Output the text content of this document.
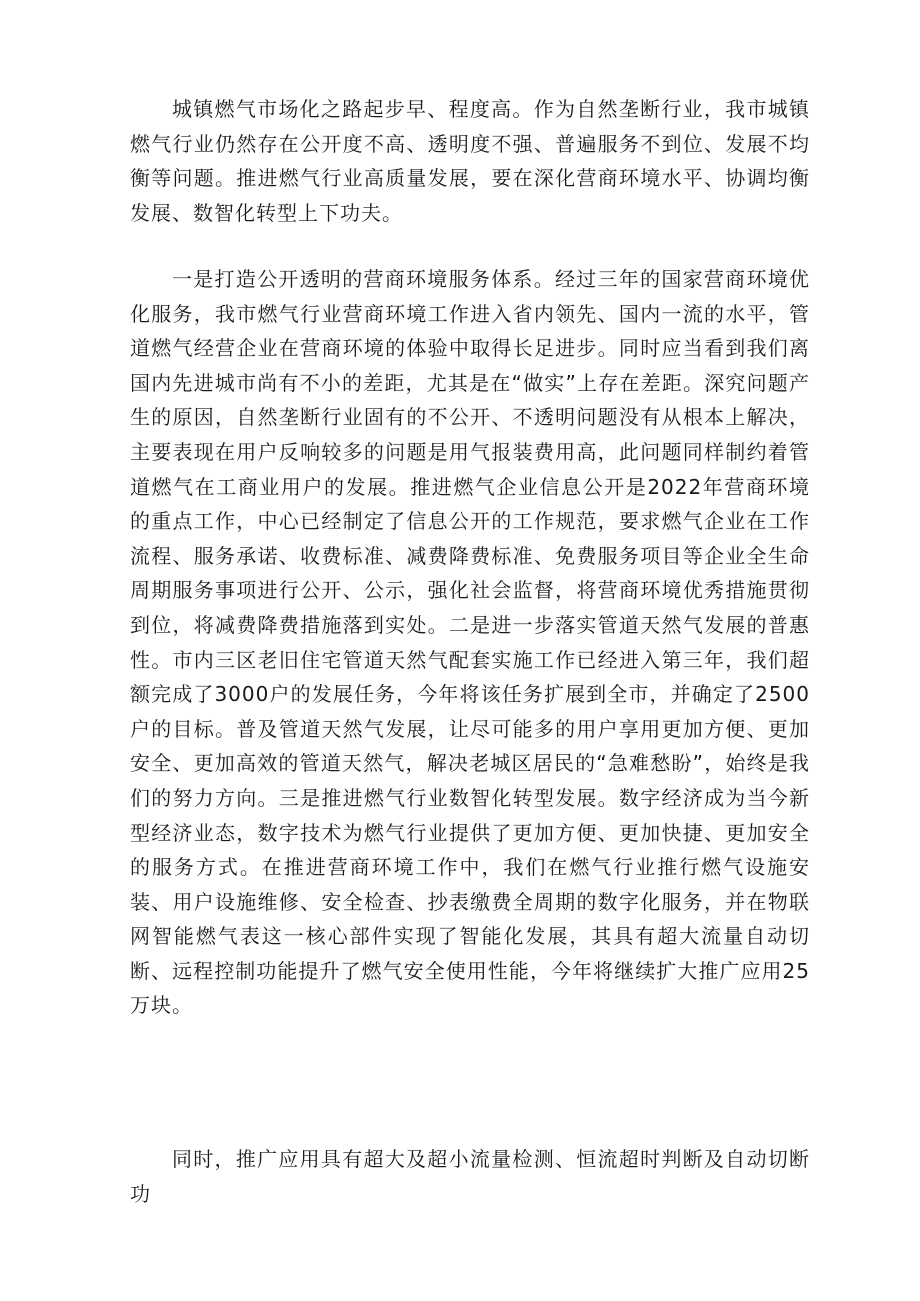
城镇燃气市场化之路起步早、程度高。作为自然垄断行业，我市城镇燃气行业仍然存在公开度不高、透明度不强、普遍服务不到位、发展不均衡等问题。推进燃气行业高质量发展，要在深化营商环境水平、协调均衡发展、数智化转型上下功夫。

一是打造公开透明的营商环境服务体系。经过三年的国家营商环境优化服务，我市燃气行业营商环境工作进入省内领先、国内一流的水平，管道燃气经营企业在营商环境的体验中取得长足进步。同时应当看到我们离国内先进城市尚有不小的差距，尤其是在“做实”上存在差距。深究问题产生的原因，自然垄断行业固有的不公开、不透明问题没有从根本上解决，主要表现在用户反响较多的问题是用气报装费用高，此问题同样制约着管道燃气在工商业用户的发展。推进燃气企业信息公开是2022年营商环境的重点工作，中心已经制定了信息公开的工作规范，要求燃气企业在工作流程、服务承诺、收费标准、减费降费标准、免费服务项目等企业全生命周期服务事项进行公开、公示，强化社会监督，将营商环境优秀措施贯彻到位，将减费降费措施落到实处。二是进一步落实管道天然气发展的普惠性。市内三区老旧住宅管道天然气配套实施工作已经进入第三年，我们超额完成了3000户的发展任务，今年将该任务扩展到全市，并确定了2500户的目标。普及管道天然气发展，让尽可能多的用户享用更加方便、更加安全、更加高效的管道天然气，解决老城区居民的“急难愁盼”，始终是我们的努力方向。三是推进燃气行业数智化转型发展。数字经济成为当今新型经济业态，数字技术为燃气行业提供了更加方便、更加快捷、更加安全的服务方式。在推进营商环境工作中，我们在燃气行业推行燃气设施安装、用户设施维修、安全检查、抄表缴费全周期的数字化服务，并在物联网智能燃气表这一核心部件实现了智能化发展，其具有超大流量自动切断、远程控制功能提升了燃气安全使用性能，今年将继续扩大推广应用25万块。

同时，推广应用具有超大及超小流量检测、恒流超时判断及自动切断功
